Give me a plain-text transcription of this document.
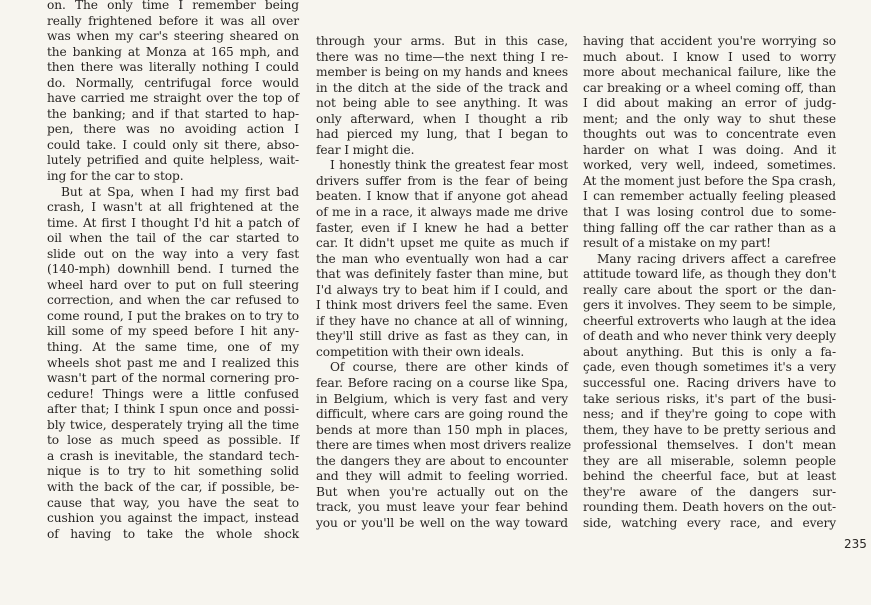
on. The only time I remember being
really frightened before it was all over
was when my car's steering sheared on
the banking at Monza at 165 mph, and
then there was literally nothing I could
do. Normally, centrifugal force would
have carried me straight over the top of
the banking; and if that started to hap-
pen, there was no avoiding action I
could take. I could only sit there, abso-
lutely petrified and quite helpless, wait-
ing for the car to stop.
But at Spa, when I had my first bad
crash, I wasn't at all frightened at the
time. At first I thought I'd hit a patch of
oil when the tail of the car started to
slide out on the way into a very fast
(140-mph) downhill bend. I turned the
wheel hard over to put on full steering
correction, and when the car refused to
come round, I put the brakes on to try to
kill some of my speed before I hit any-
thing. At the same time, one of my
wheels shot past me and I realized this
wasn't part of the normal cornering pro-
cedure! Things were a little confused
after that; I think I spun once and possi-
bly twice, desperately trying all the time
to lose as much speed as possible. If
a crash is inevitable, the standard tech-
nique is to try to hit something solid
with the back of the car, if possible, be-
cause that way, you have the seat to
cushion you against the impact, instead
of having to take the whole shock
through your arms. But in this case,
there was no time—the next thing I re-
member is being on my hands and knees
in the ditch at the side of the track and
not being able to see anything. It was
only afterward, when I thought a rib
had pierced my lung, that I began to
fear I might die.
I honestly think the greatest fear most
drivers suffer from is the fear of being
beaten. I know that if anyone got ahead
of me in a race, it always made me drive
faster, even if I knew he had a better
car. It didn't upset me quite as much if
the man who eventually won had a car
that was definitely faster than mine, but
I'd always try to beat him if I could, and
I think most drivers feel the same. Even
if they have no chance at all of winning,
they'll still drive as fast as they can, in
competition with their own ideals.
Of course, there are other kinds of
fear. Before racing on a course like Spa,
in Belgium, which is very fast and very
difficult, where cars are going round the
bends at more than 150 mph in places,
there are times when most drivers realize
the dangers they are about to encounter
and they will admit to feeling worried.
But when you're actually out on the
track, you must leave your fear behind
you or you'll be well on the way toward
having that accident you're worrying so
much about. I know I used to worry
more about mechanical failure, like the
car breaking or a wheel coming off, than
I did about making an error of judg-
ment; and the only way to shut these
thoughts out was to concentrate even
harder on what I was doing. And it
worked, very well, indeed, sometimes.
At the moment just before the Spa crash,
I can remember actually feeling pleased
that I was losing control due to some-
thing falling off the car rather than as a
result of a mistake on my part!
Many racing drivers affect a carefree
attitude toward life, as though they don't
really care about the sport or the dan-
gers it involves. They seem to be simple,
cheerful extroverts who laugh at the idea
of death and who never think very deeply
about anything. But this is only a fa-
çade, even though sometimes it's a very
successful one. Racing drivers have to
take serious risks, it's part of the busi-
ness; and if they're going to cope with
them, they have to be pretty serious and
professional themselves. I don't mean
they are all miserable, solemn people
behind the cheerful face, but at least
they're aware of the dangers sur-
rounding them. Death hovers on the out-
side, watching every race, and every
235
